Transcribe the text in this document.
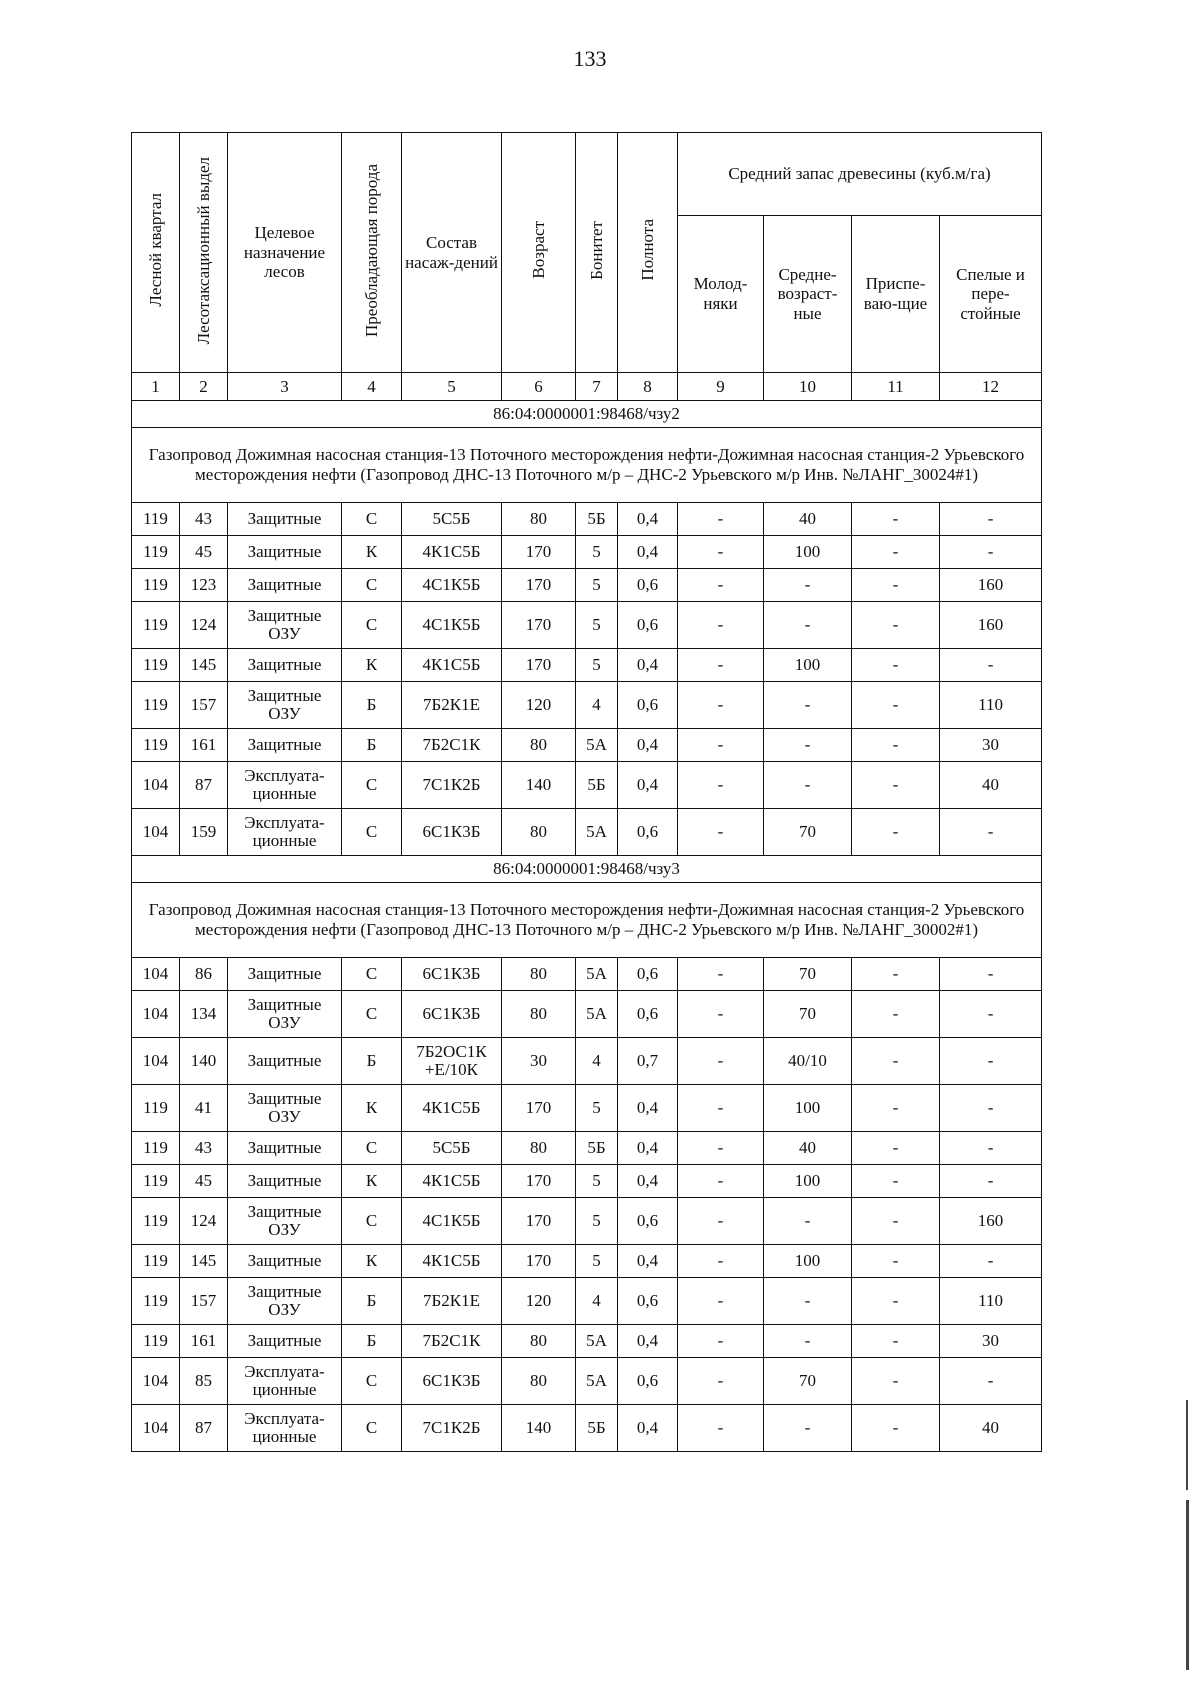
133
Лесной квартал	Лесотаксационный выдел	Целевое назначение лесов	Преобладающая порода	Состав насаж-дений	Возраст	Бонитет	Полнота	Средний запас древесины (куб.м/га)			
								Молод-няки	Средне-возраст-ные	Приспе-ваю-щие	Спелые и пере-стойные
1	2	3	4	5	6	7	8	9	10	11	12
86:04:0000001:98468/чзу2											
Газопровод Дожимная насосная станция-13 Поточного месторождения нефти-Дожимная насосная станция-2 Урьевского месторождения нефти (Газопровод ДНС-13 Поточного м/р – ДНС-2 Урьевского м/р Инв. №ЛАНГ_30024#1)											
119	43	Защитные	С	5С5Б	80	5Б	0,4	-	40	-	-
119	45	Защитные	К	4К1С5Б	170	5	0,4	-	100	-	-
119	123	Защитные	С	4С1К5Б	170	5	0,6	-	-	-	160
119	124	Защитные ОЗУ	С	4С1К5Б	170	5	0,6	-	-	-	160
119	145	Защитные	К	4К1С5Б	170	5	0,4	-	100	-	-
119	157	Защитные ОЗУ	Б	7Б2К1Е	120	4	0,6	-	-	-	110
119	161	Защитные	Б	7Б2С1К	80	5А	0,4	-	-	-	30
104	87	Эксплуата-ционные	С	7С1К2Б	140	5Б	0,4	-	-	-	40
104	159	Эксплуата-ционные	С	6С1К3Б	80	5А	0,6	-	70	-	-
86:04:0000001:98468/чзу3											
Газопровод Дожимная насосная станция-13 Поточного месторождения нефти-Дожимная насосная станция-2 Урьевского месторождения нефти (Газопровод ДНС-13 Поточного м/р – ДНС-2 Урьевского м/р Инв. №ЛАНГ_30002#1)											
104	86	Защитные	С	6С1К3Б	80	5А	0,6	-	70	-	-
104	134	Защитные ОЗУ	С	6С1К3Б	80	5А	0,6	-	70	-	-
104	140	Защитные	Б	7Б2ОС1К +Е/10К	30	4	0,7	-	40/10	-	-
119	41	Защитные ОЗУ	К	4К1С5Б	170	5	0,4	-	100	-	-
119	43	Защитные	С	5С5Б	80	5Б	0,4	-	40	-	-
119	45	Защитные	К	4К1С5Б	170	5	0,4	-	100	-	-
119	124	Защитные ОЗУ	С	4С1К5Б	170	5	0,6	-	-	-	160
119	145	Защитные	К	4К1С5Б	170	5	0,4	-	100	-	-
119	157	Защитные ОЗУ	Б	7Б2К1Е	120	4	0,6	-	-	-	110
119	161	Защитные	Б	7Б2С1К	80	5А	0,4	-	-	-	30
104	85	Эксплуата-ционные	С	6С1К3Б	80	5А	0,6	-	70	-	-
104	87	Эксплуата-ционные	С	7С1К2Б	140	5Б	0,4	-	-	-	40
